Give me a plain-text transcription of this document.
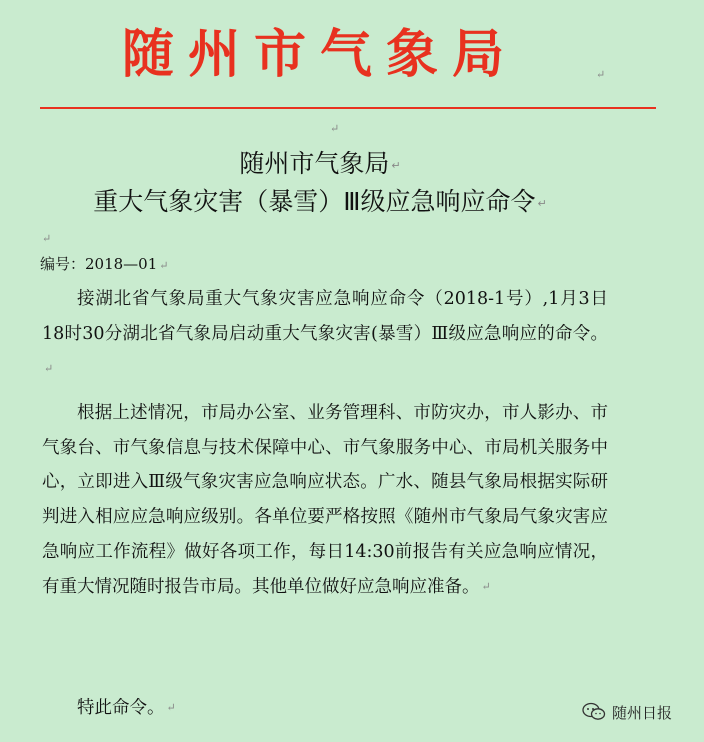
随州市气象局	↵
↵
随州市气象局 ↵
重大气象灾害（暴雪）Ⅲ级应急响应命令 ↵
↵
编号：2018—01 ↵
接湖北省气象局重大气象灾害应急响应命令（2018-1号）,1月3日18时30分湖北省气象局启动重大气象灾害(暴雪）Ⅲ级应急响应的命令。↵
根据上述情况，市局办公室、业务管理科、市防灾办，市人影办、市气象台、市气象信息与技术保障中心、市气象服务中心、市局机关服务中心，立即进入Ⅲ级气象灾害应急响应状态。广水、随县气象局根据实际研判进入相应应急响应级别。各单位要严格按照《随州市气象局气象灾害应急响应工作流程》做好各项工作，每日14:30前报告有关应急响应情况，有重大情况随时报告市局。其他单位做好应急响应准备。 ↵
特此命令。 ↵	随州日报
